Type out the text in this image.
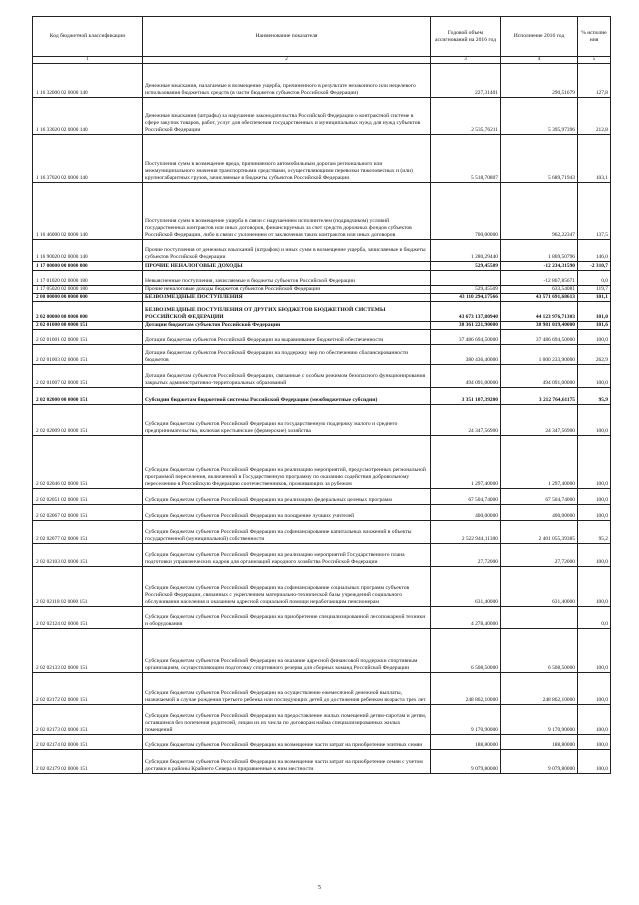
Код бюджетной классификации	Наименование показателя	Годовой объем ассигнований на 2016 год	Исполнение 2016 год	% исполне ния
1	2	3	4	5
1 16 32000 02 0000 140	Денежные взыскания, налагаемые в возмещение ущерба, причиненного в результате незаконного или нецелевого использования бюджетных средств (в части бюджетов субъектов Российской Федерации)	227,31401	290,51679	127,8
1 16 33020 02 0000 140	Денежные взыскания (штрафы) за нарушение законодательства Российской Федерации о контрактной системе в сфере закупок товаров, работ, услуг для обеспечения государственных и муниципальных нужд для нужд субъектов Российской Федерации	2 535,76211	5 395,97396	212,8
1 16 37020 02 0000 140	Поступления сумм в возмещение вреда, причиняемого автомобильным дорогам регионального или межмуниципального значения транспортными средствами, осуществляющими перевозки тяжеловесных и (или) крупногабаритных грузов, зачисляемые в бюджеты субъектов Российской Федерации	5 518,70807	5 689,71943	103,1
1 16 46000 02 0000 140	Поступления сумм в возмещение ущерба в связи с нарушением исполнителем (подрядчиком) условий государственных контрактов или иных договоров, финансируемых за счет средств дорожных фондов субъектов Российской Федерации, либо в связи с уклонением от заключения таких контрактов или иных договоров	700,00000	962,22347	137,5
1 16 90020 02 0000 140	Прочие поступления от денежных взысканий (штрафов) и иных сумм в возмещение ущерба, зачисляемые в бюджеты субъектов Российской Федерации	1 280,29440	1 869,50796	146,0
1 17 00000 00 0000 000	ПРОЧИЕ НЕНАЛОГОВЫЕ ДОХОДЫ	529,45509	-12 234,31590	-2 310,7
1 17 01020 02 0000 180	Невыясненные поступления, зачисляемые в бюджеты субъектов Российской Федерации		-12 867,85671	0,0
1 17 05020 02 0000 180	Прочие неналоговые доходы бюджетов субъектов Российской Федерации	529,45509	633,54081	119,7
2 00 00000 00 0000 000	БЕЗВОЗМЕЗДНЫЕ ПОСТУПЛЕНИЯ	43 110 294,17566	43 571 691,68613	101,1
2 02 00000 00 0000 000	БЕЗВОЗМЕЗДНЫЕ ПОСТУПЛЕНИЯ ОТ ДРУГИХ БЮДЖЕТОВ БЮДЖЕТНОЙ СИСТЕМЫ РОССИЙСКОЙ ФЕДЕРАЦИИ	43 673 137,80940	44 123 976,71303	101,0
2 02 01000 00 0000 151	Дотации бюджетам субъектов Российской Федерации	38 361 221,90000	38 981 019,40000	101,6
2 02 01001 02 0000 151	Дотации бюджетам субъектов Российской Федерации на выравнивание бюджетной обеспеченности	37 486 694,50000	37 486 694,50000	100,0
2 02 01003 02 0000 151	Дотации бюджетам субъектов Российской Федерации на поддержку мер по обеспечению сбалансированности бюджетов	380 436,40000	1 000 233,90000	262,9
2 02 01007 02 0000 151	Дотации бюджетам субъектов Российской Федерации, связанные с особым режимом безопасного функционирования закрытых административно-территориальных образований	494 091,00000	494 091,00000	100,0
2 02 02000 00 0000 151	Субсидии бюджетам бюджетной системы Российской Федерации (межбюджетные субсидии)	3 351 107,39200	3 212 764,61175	95,9
2 02 02009 02 0000 151	Субсидии бюджетам субъектов Российской Федерации на государственную поддержку малого и среднего предпринимательства, включая крестьянские (фермерские) хозяйства	24 347,56900	24 347,56900	100,0
2 02 02046 02 0000 151	Субсидии бюджетам субъектов Российской Федерации на реализацию мероприятий, предусмотренных региональной программой переселения, включенной в Государственную программу по оказанию содействия добровольному переселению в Российскую Федерацию соотечественников, проживающих за рубежом	1 297,40000	1 297,40000	100,0
2 02 02051 02 0000 151	Субсидии бюджетам субъектов Российской Федерации на реализацию федеральных целевых программ	67 504,74000	67 504,74000	100,0
2 02 02067 02 0000 151	Субсидии бюджетам субъектов Российской Федерации на поощрение лучших учителей	400,00000	400,00000	100,0
2 02 02077 02 0000 151	Субсидии бюджетам субъектов Российской Федерации на софинансирование капитальных вложений в объекты государственной (муниципальной) собственности	2 522 944,11300	2 401 055,39385	95,2
2 02 02103 02 0000 151	Субсидии бюджетам субъектов Российской Федерации на реализацию мероприятий Государственного плана подготовки управленческих кадров для организаций народного хозяйства Российской Федерации	27,72000	27,72000	100,0
2 02 02118 02 0000 151	Субсидии бюджетам субъектов Российской Федерации на софинансирование социальных программ субъектов Российской Федерации, связанных с укреплением материально-технической базы учреждений социального обслуживания населения и оказанием адресной социальной помощи неработающим пенсионерам	631,40000	631,40000	100,0
2 02 02124 02 0000 151	Субсидии бюджетам субъектов Российской Федерации на приобретение специализированной лесопожарной техники и оборудования	4 278,40000		0,0
2 02 02133 02 0000 151	Субсидии бюджетам субъектов Российской Федерации на оказание адресной финансовой поддержки спортивным организациям, осуществляющим подготовку спортивного резерва для сборных команд Российской Федерации	6 508,50000	6 508,50000	100,0
2 02 02172 02 0000 151	Субсидии бюджетам субъектов Российской Федерации на осуществление ежемесячной денежной выплаты, назначаемой в случае рождения третьего ребенка или последующих детей до достижения ребенком возраста трех лет	248 862,10000	248 862,10000	100,0
2 02 02173 02 0000 151	Субсидии бюджетам субъектов Российской Федерации на предоставление жилых помещений детям-сиротам и детям, оставшимся без попечения родителей, лицам из их числа по договорам найма специализированных жилых помещений	9 170,90000	9 170,90000	100,0
2 02 02174 02 0000 151	Субсидии бюджетам субъектов Российской Федерации на возмещение части затрат на приобретение элитных семян	188,80000	188,80000	100,0
2 02 02179 02 0000 151	Субсидии бюджетам субъектов Российской Федерации на возмещение части затрат на приобретение семян с учетом доставки в районы Крайнего Севера и приравненные к ним местности	9 079,80000	9 079,80000	100,0
5
